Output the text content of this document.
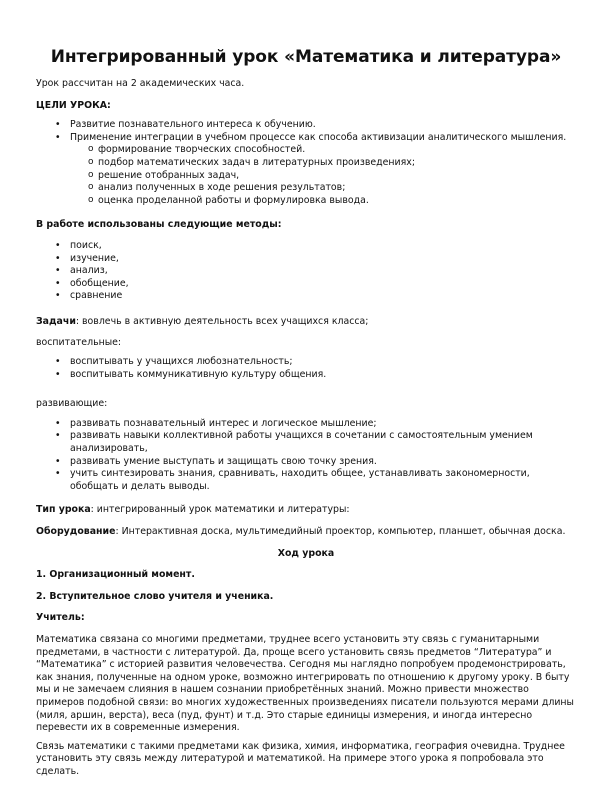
Интегрированный урок «Математика и литература»

Урок рассчитан на 2 академических часа.

ЦЕЛИ УРОКА:

• Развитие познавательного интереса к обучению.
• Применение интеграции в учебном процессе как способа активизации аналитического мышления.
o формирование творческих способностей.
o подбор математических задач в литературных произведениях;
o решение отобранных задач,
o анализ полученных в ходе решения результатов;
o оценка проделанной работы и формулировка вывода.

В работе использованы следующие методы:

• поиск,
• изучение,
• анализ,
• обобщение,
• сравнение

Задачи: вовлечь в активную деятельность всех учащихся класса;

воспитательные:

• воспитывать у учащихся любознательность;
• воспитывать коммуникативную культуру общения.

развивающие:

• развивать познавательный интерес и логическое мышление;
• развивать навыки коллективной работы учащихся в сочетании с самостоятельным умением анализировать,
• развивать умение выступать и защищать свою точку зрения.
• учить синтезировать знания, сравнивать, находить общее, устанавливать закономерности, обобщать и делать выводы.

Тип урока: интегрированный урок математики и литературы:

Оборудование: Интерактивная доска, мультимедийный проектор, компьютер, планшет, обычная доска.

Ход урока

1. Организационный момент.

2. Вступительное слово учителя и ученика.

Учитель:

Математика связана со многими предметами, труднее всего установить эту связь с гуманитарными предметами, в частности с литературой. Да, проще всего установить связь предметов “Литература” и “Математика” с историей развития человечества. Сегодня мы наглядно попробуем продемонстрировать, как знания, полученные на одном уроке, возможно интегрировать по отношению к другому уроку. В быту мы и не замечаем слияния в нашем сознании приобретённых знаний. Можно привести множество примеров подобной связи: во многих художественных произведениях писатели пользуются мерами длины (миля, аршин, верста), веса (пуд, фунт) и т.д. Это старые единицы измерения, и иногда интересно перевести их в современные измерения.

Связь математики с такими предметами как физика, химия, информатика, география очевидна. Труднее установить эту связь между литературой и математикой. На примере этого урока я попробовала это сделать.
